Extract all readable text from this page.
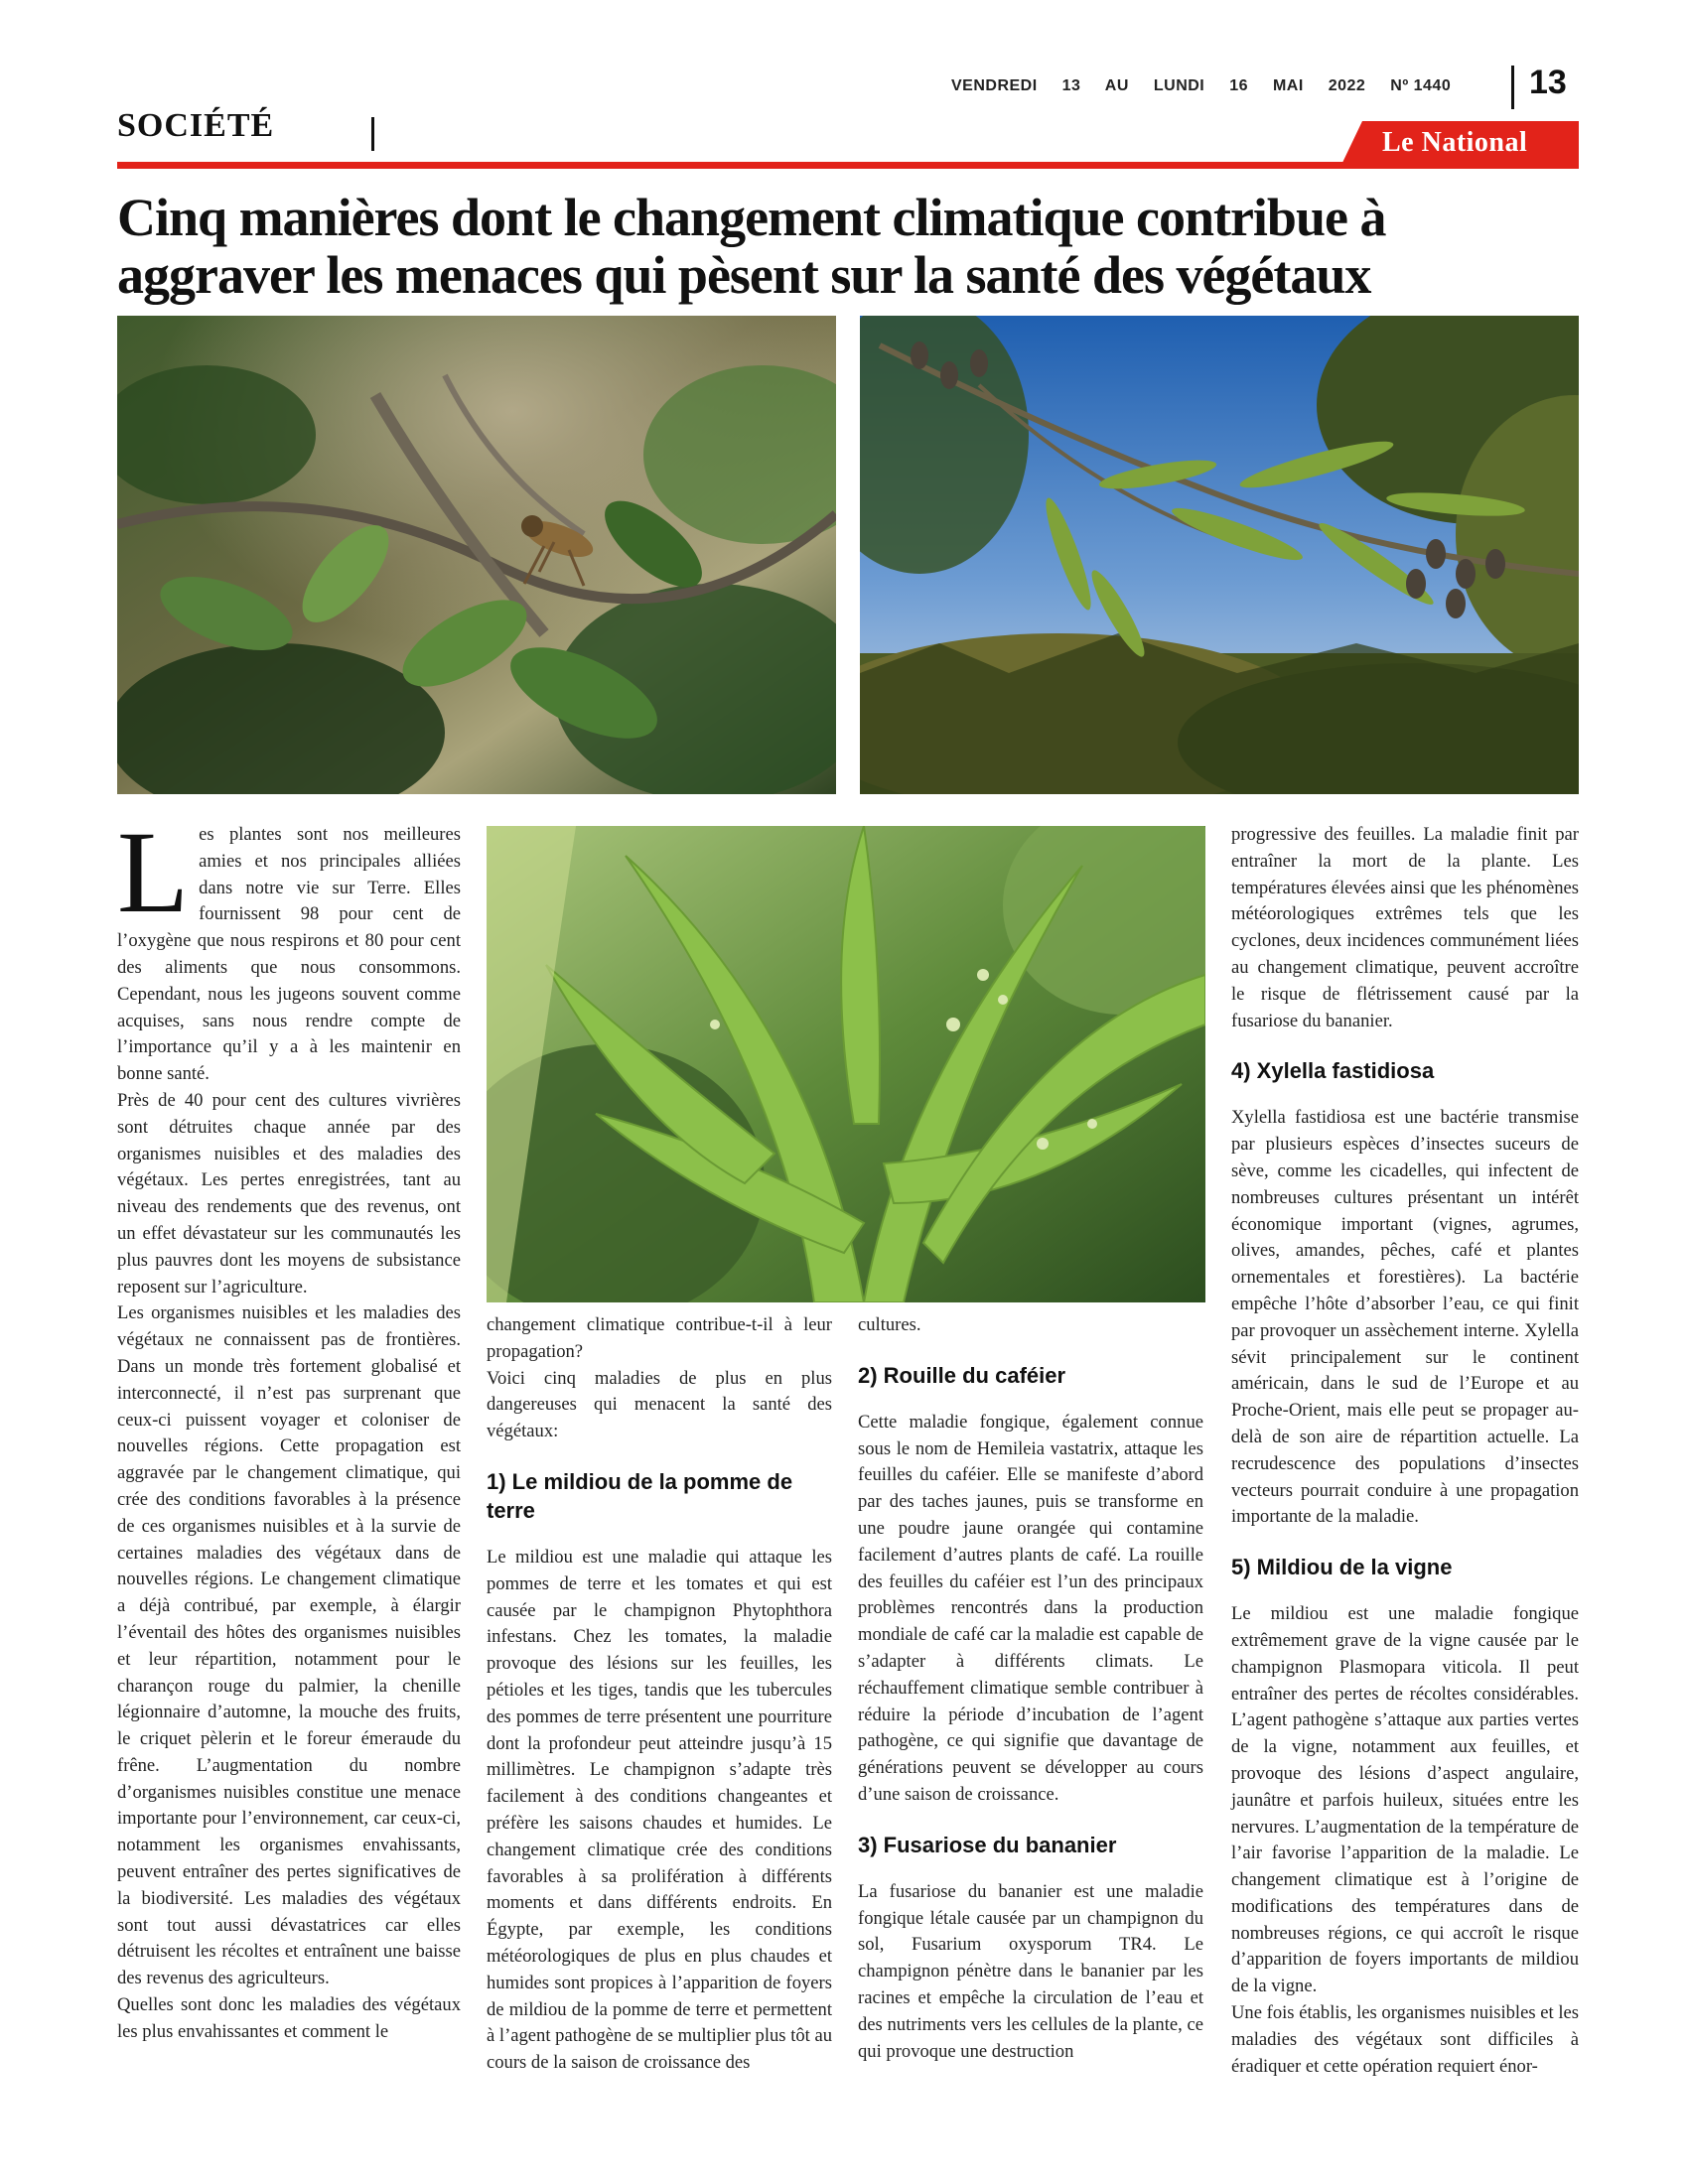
VENDREDI 13 AU LUNDI 16 MAI 2022 Nº 1440	13
SOCIÉTÉ	Le National
Cinq manières dont le changement climatique contribue à aggraver les menaces qui pèsent sur la santé des végétaux

Les plantes sont nos meilleures amies et nos principales alliées dans notre vie sur Terre. Elles fournissent 98 pour cent de l’oxygène que nous respirons et 80 pour cent des aliments que nous consommons. Cependant, nous les jugeons souvent comme acquises, sans nous rendre compte de l’importance qu’il y a à les maintenir en bonne santé.

Près de 40 pour cent des cultures vivrières sont détruites chaque année par des organismes nuisibles et des maladies des végétaux. Les pertes enregistrées, tant au niveau des rendements que des revenus, ont un effet dévastateur sur les communautés les plus pauvres dont les moyens de subsistance reposent sur l’agriculture.

Les organismes nuisibles et les maladies des végétaux ne connaissent pas de frontières. Dans un monde très fortement globalisé et interconnecté, il n’est pas surprenant que ceux-ci puissent voyager et coloniser de nouvelles régions. Cette propagation est aggravée par le changement climatique, qui crée des conditions favorables à la présence de ces organismes nuisibles et à la survie de certaines maladies des végétaux dans de nouvelles régions. Le changement climatique a déjà contribué, par exemple, à élargir l’éventail des hôtes des organismes nuisibles et leur répartition, notamment pour le charançon rouge du palmier, la chenille légionnaire d’automne, la mouche des fruits, le criquet pèlerin et le foreur émeraude du frêne. L’augmentation du nombre d’organismes nuisibles constitue une menace importante pour l’environnement, car ceux-ci, notamment les organismes envahissants, peuvent entraîner des pertes significatives de la biodiversité. Les maladies des végétaux sont tout aussi dévastatrices car elles détruisent les récoltes et entraînent une baisse des revenus des agriculteurs.

Quelles sont donc les maladies des végétaux les plus envahissantes et comment le

changement climatique contribue-t-il à leur propagation?

Voici cinq maladies de plus en plus dangereuses qui menacent la santé des végétaux:

1) Le mildiou de la pomme de terre

Le mildiou est une maladie qui attaque les pommes de terre et les tomates et qui est causée par le champignon Phytophthora infestans. Chez les tomates, la maladie provoque des lésions sur les feuilles, les pétioles et les tiges, tandis que les tubercules des pommes de terre présentent une pourriture dont la profondeur peut atteindre jusqu’à 15 millimètres. Le champignon s’adapte très facilement à des conditions changeantes et préfère les saisons chaudes et humides. Le changement climatique crée des conditions favorables à sa prolifération à différents moments et dans différents endroits. En Égypte, par exemple, les conditions météorologiques de plus en plus chaudes et humides sont propices à l’apparition de foyers de mildiou de la pomme de terre et permettent à l’agent pathogène de se multiplier plus tôt au cours de la saison de croissance des

cultures.

2) Rouille du caféier

Cette maladie fongique, également connue sous le nom de Hemileia vastatrix, attaque les feuilles du caféier. Elle se manifeste d’abord par des taches jaunes, puis se transforme en une poudre jaune orangée qui contamine facilement d’autres plants de café. La rouille des feuilles du caféier est l’un des principaux problèmes rencontrés dans la production mondiale de café car la maladie est capable de s’adapter à différents climats. Le réchauffement climatique semble contribuer à réduire la période d’incubation de l’agent pathogène, ce qui signifie que davantage de générations peuvent se développer au cours d’une saison de croissance.

3) Fusariose du bananier

La fusariose du bananier est une maladie fongique létale causée par un champignon du sol, Fusarium oxysporum TR4. Le champignon pénètre dans le bananier par les racines et empêche la circulation de l’eau et des nutriments vers les cellules de la plante, ce qui provoque une destruction

progressive des feuilles. La maladie finit par entraîner la mort de la plante. Les températures élevées ainsi que les phénomènes météorologiques extrêmes tels que les cyclones, deux incidences communément liées au changement climatique, peuvent accroître le risque de flétrissement causé par la fusariose du bananier.

4) Xylella fastidiosa

Xylella fastidiosa est une bactérie transmise par plusieurs espèces d’insectes suceurs de sève, comme les cicadelles, qui infectent de nombreuses cultures présentant un intérêt économique important (vignes, agrumes, olives, amandes, pêches, café et plantes ornementales et forestières). La bactérie empêche l’hôte d’absorber l’eau, ce qui finit par provoquer un assèchement interne. Xylella sévit principalement sur le continent américain, dans le sud de l’Europe et au Proche-Orient, mais elle peut se propager au-delà de son aire de répartition actuelle. La recrudescence des populations d’insectes vecteurs pourrait conduire à une propagation importante de la maladie.

5) Mildiou de la vigne

Le mildiou est une maladie fongique extrêmement grave de la vigne causée par le champignon Plasmopara viticola. Il peut entraîner des pertes de récoltes considérables. L’agent pathogène s’attaque aux parties vertes de la vigne, notamment aux feuilles, et provoque des lésions d’aspect angulaire, jaunâtre et parfois huileux, situées entre les nervures. L’augmentation de la température de l’air favorise l’apparition de la maladie. Le changement climatique est à l’origine de modifications des températures dans de nombreuses régions, ce qui accroît le risque d’apparition de foyers importants de mildiou de la vigne.

Une fois établis, les organismes nuisibles et les maladies des végétaux sont difficiles à éradiquer et cette opération requiert énor-
